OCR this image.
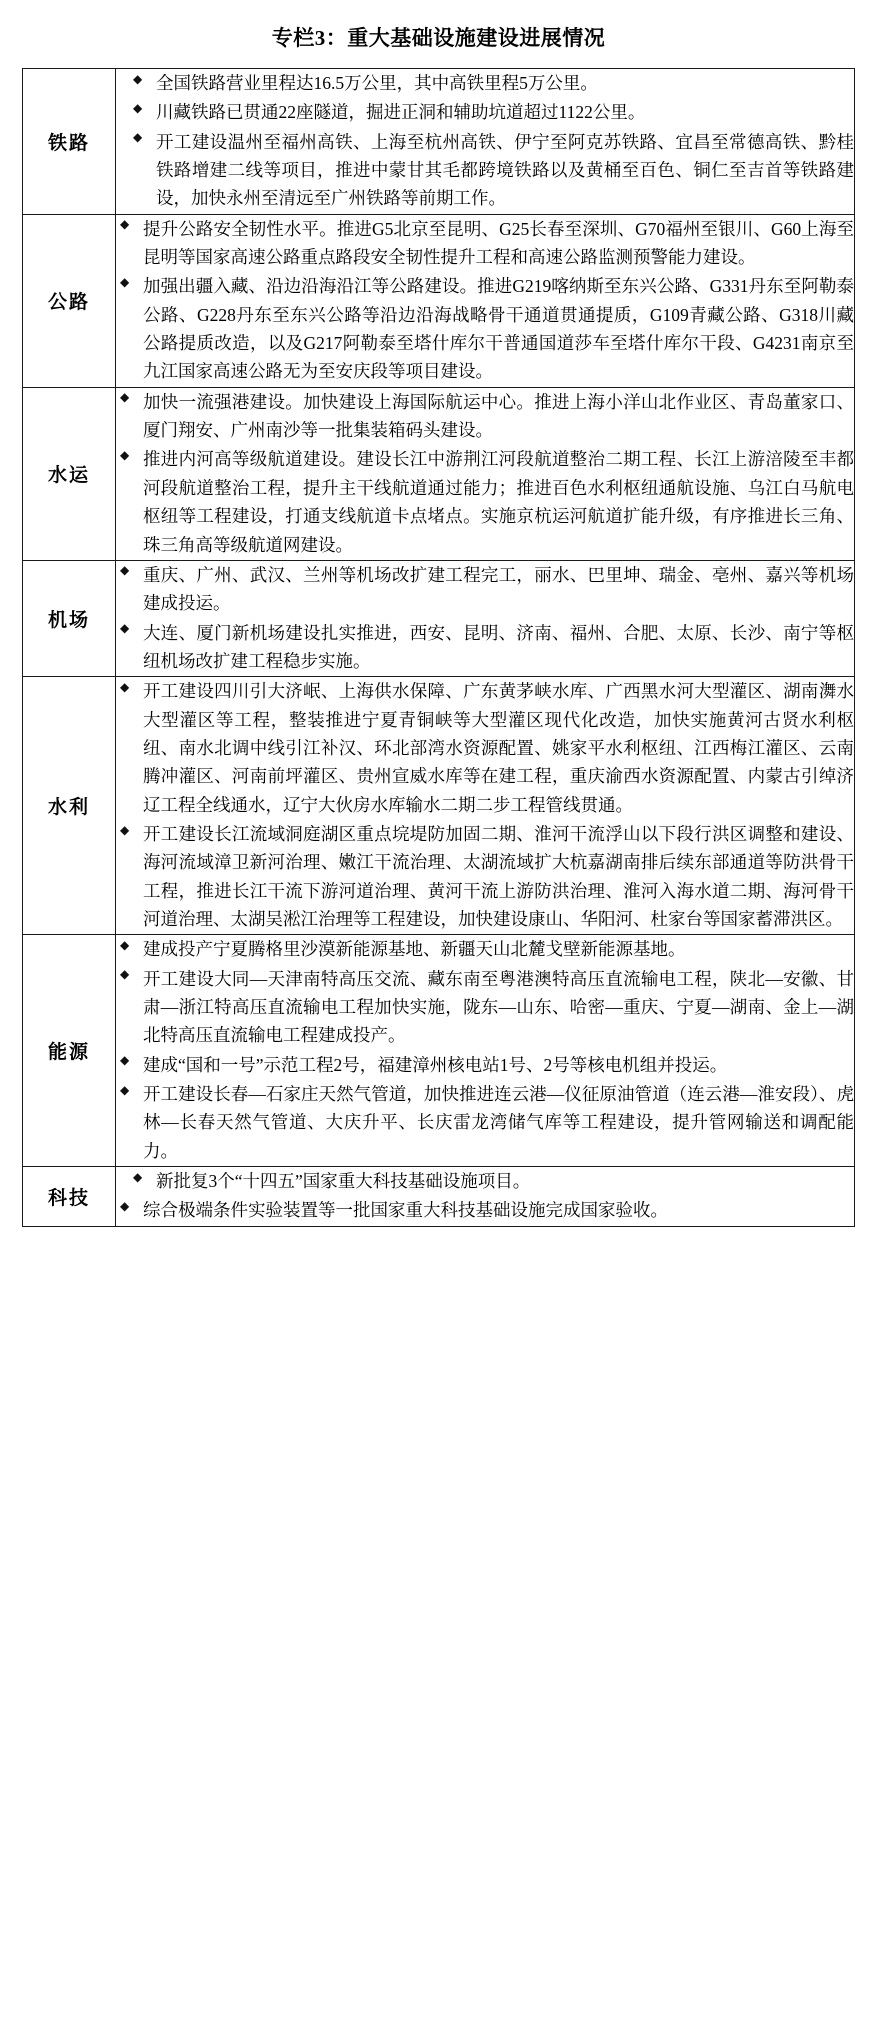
专栏3：重大基础设施建设进展情况
铁路	
◆ 全国铁路营业里程达16.5万公里，其中高铁里程5万公里。
◆ 川藏铁路已贯通22座隧道，掘进正洞和辅助坑道超过1122公里。
◆ 开工建设温州至福州高铁、上海至杭州高铁、伊宁至阿克苏铁路、宜昌至常德高铁、黔桂铁路增建二线等项目，推进中蒙甘其毛都跨境铁路以及黄桶至百色、铜仁至吉首等铁路建设，加快永州至清远至广州铁路等前期工作。

公路	
◆ 提升公路安全韧性水平。推进G5北京至昆明、G25长春至深圳、G70福州至银川、G60上海至昆明等国家高速公路重点路段安全韧性提升工程和高速公路监测预警能力建设。
◆ 加强出疆入藏、沿边沿海沿江等公路建设。推进G219喀纳斯至东兴公路、G331丹东至阿勒泰公路、G228丹东至东兴公路等沿边沿海战略骨干通道贯通提质，G109青藏公路、G318川藏公路提质改造，以及G217阿勒泰至塔什库尔干普通国道莎车至塔什库尔干段、G4231南京至九江国家高速公路无为至安庆段等项目建设。

水运	
◆ 加快一流强港建设。加快建设上海国际航运中心。推进上海小洋山北作业区、青岛董家口、厦门翔安、广州南沙等一批集装箱码头建设。
◆ 推进内河高等级航道建设。建设长江中游荆江河段航道整治二期工程、长江上游涪陵至丰都河段航道整治工程，提升主干线航道通过能力；推进百色水利枢纽通航设施、乌江白马航电枢纽等工程建设，打通支线航道卡点堵点。实施京杭运河航道扩能升级，有序推进长三角、珠三角高等级航道网建设。

机场	
◆ 重庆、广州、武汉、兰州等机场改扩建工程完工，丽水、巴里坤、瑞金、亳州、嘉兴等机场建成投运。
◆ 大连、厦门新机场建设扎实推进，西安、昆明、济南、福州、合肥、太原、长沙、南宁等枢纽机场改扩建工程稳步实施。

水利	
◆ 开工建设四川引大济岷、上海供水保障、广东黄茅峡水库、广西黑水河大型灌区、湖南㵲水大型灌区等工程，整装推进宁夏青铜峡等大型灌区现代化改造，加快实施黄河古贤水利枢纽、南水北调中线引江补汉、环北部湾水资源配置、姚家平水利枢纽、江西梅江灌区、云南腾冲灌区、河南前坪灌区、贵州宣威水库等在建工程，重庆渝西水资源配置、内蒙古引绰济辽工程全线通水，辽宁大伙房水库输水二期二步工程管线贯通。
◆ 开工建设长江流域洞庭湖区重点垸堤防加固二期、淮河干流浮山以下段行洪区调整和建设、海河流域漳卫新河治理、嫩江干流治理、太湖流域扩大杭嘉湖南排后续东部通道等防洪骨干工程，推进长江干流下游河道治理、黄河干流上游防洪治理、淮河入海水道二期、海河骨干河道治理、太湖吴淞江治理等工程建设，加快建设康山、华阳河、杜家台等国家蓄滞洪区。

能源	
◆ 建成投产宁夏腾格里沙漠新能源基地、新疆天山北麓戈壁新能源基地。
◆ 开工建设大同—天津南特高压交流、藏东南至粤港澳特高压直流输电工程，陕北—安徽、甘肃—浙江特高压直流输电工程加快实施，陇东—山东、哈密—重庆、宁夏—湖南、金上—湖北特高压直流输电工程建成投产。
◆ 建成“国和一号”示范工程2号，福建漳州核电站1号、2号等核电机组并投运。
◆ 开工建设长春—石家庄天然气管道，加快推进连云港—仪征原油管道（连云港—淮安段）、虎林—长春天然气管道、大庆升平、长庆雷龙湾储气库等工程建设，提升管网输送和调配能力。

科技	
◆ 新批复3个“十四五”国家重大科技基础设施项目。
◆ 综合极端条件实验装置等一批国家重大科技基础设施完成国家验收。
